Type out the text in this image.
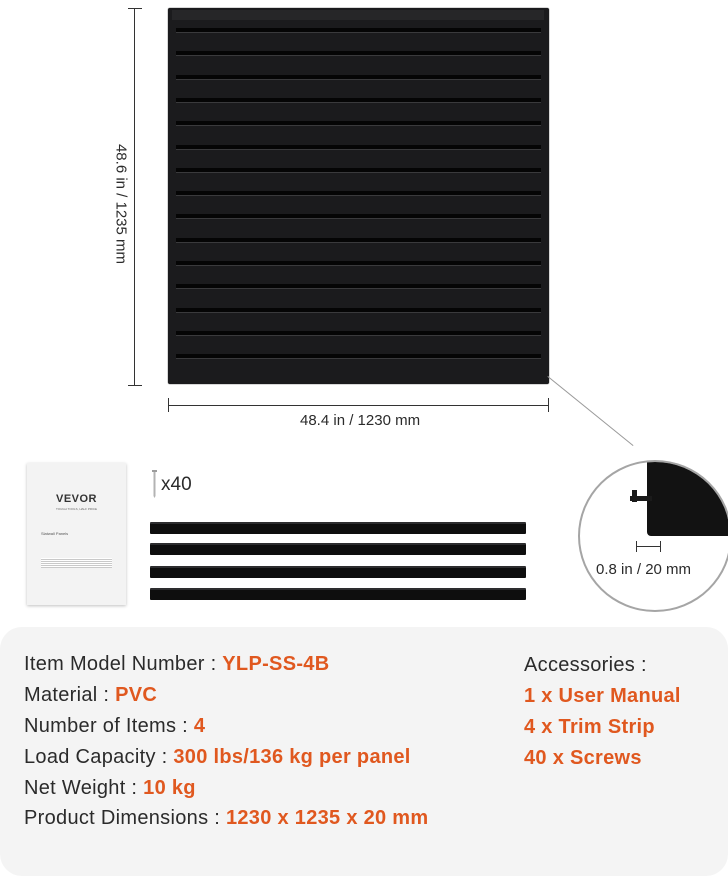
48.6 in / 1235 mm
48.4 in / 1230 mm
VEVOR
TOUGH TOOLS, HALF PRICE
Slatwall Panels
x40
0.8 in / 20 mm
Item Model Number : YLP-SS-4B
Material : PVC
Number of Items : 4
Load Capacity : 300 lbs/136 kg per panel
Net Weight : 10 kg
Product Dimensions : 1230 x 1235 x 20 mm
Accessories :
1 x User Manual
4 x Trim Strip
40 x Screws
